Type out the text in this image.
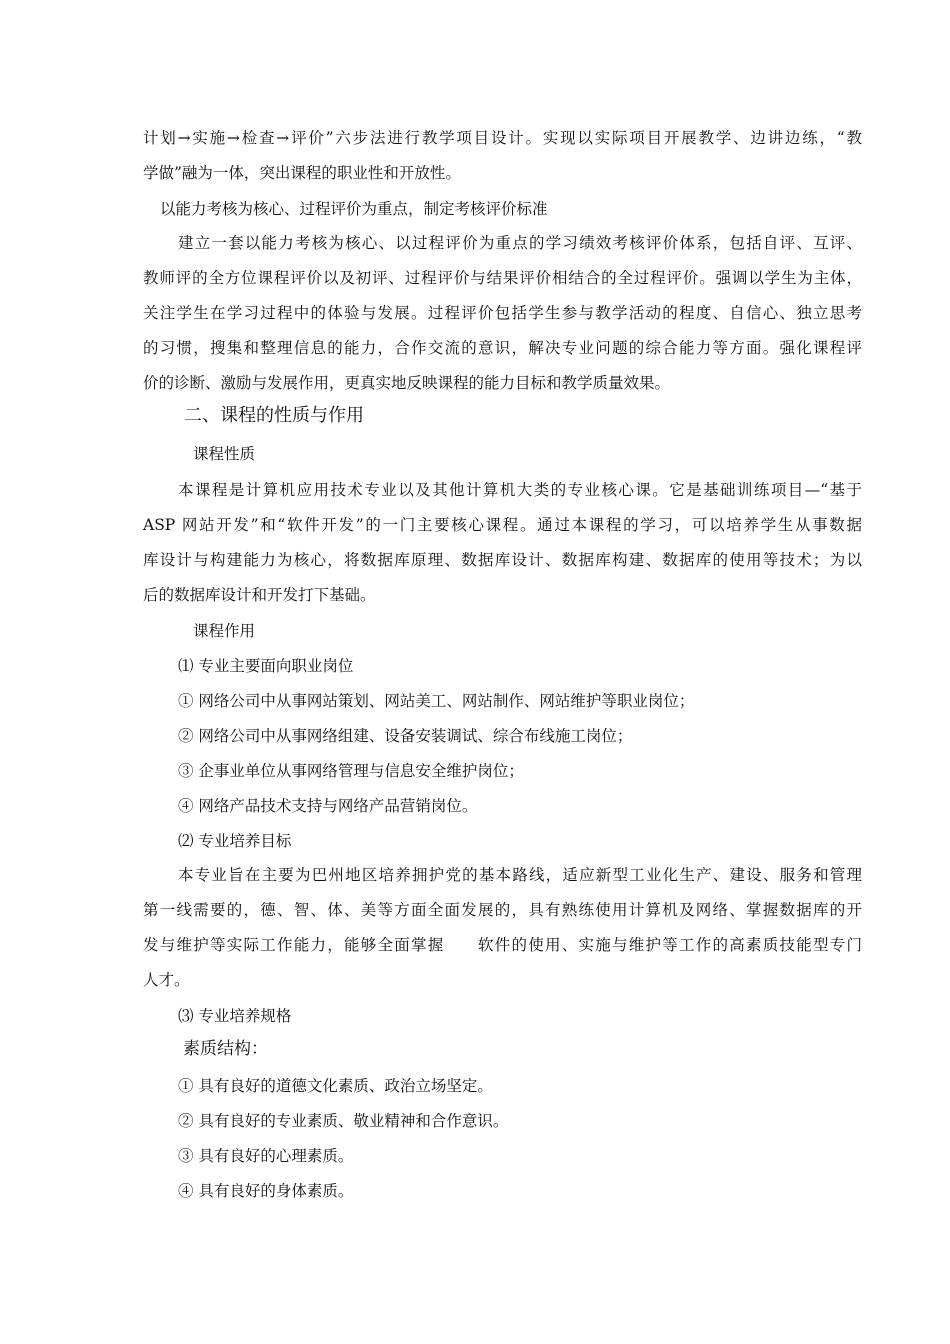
计划→实施→检查→评价”六步法进行教学项目设计。实现以实际项目开展教学、边讲边练，“教
学做”融为一体，突出课程的职业性和开放性。
以能力考核为核心、过程评价为重点，制定考核评价标准
建立一套以能力考核为核心、以过程评价为重点的学习绩效考核评价体系，包括自评、互评、
教师评的全方位课程评价以及初评、过程评价与结果评价相结合的全过程评价。强调以学生为主体，
关注学生在学习过程中的体验与发展。过程评价包括学生参与教学活动的程度、自信心、独立思考
的习惯，搜集和整理信息的能力，合作交流的意识，解决专业问题的综合能力等方面。强化课程评
价的诊断、激励与发展作用，更真实地反映课程的能力目标和教学质量效果。
二、课程的性质与作用
课程性质
本课程是计算机应用技术专业以及其他计算机大类的专业核心课。它是基础训练项目—“基于
ASP 网站开发”和“软件开发”的一门主要核心课程。通过本课程的学习，可以培养学生从事数据
库设计与构建能力为核心，将数据库原理、数据库设计、数据库构建、数据库的使用等技术；为以
后的数据库设计和开发打下基础。
课程作用
⑴ 专业主要面向职业岗位
① 网络公司中从事网站策划、网站美工、网站制作、网站维护等职业岗位；
② 网络公司中从事网络组建、设备安装调试、综合布线施工岗位；
③ 企事业单位从事网络管理与信息安全维护岗位；
④ 网络产品技术支持与网络产品营销岗位。
⑵ 专业培养目标
本专业旨在主要为巴州地区培养拥护党的基本路线，适应新型工业化生产、建设、服务和管理
第一线需要的，德、智、体、美等方面全面发展的，具有熟练使用计算机及网络、掌握数据库的开
发与维护等实际工作能力，能够全面掌握　　软件的使用、实施与维护等工作的高素质技能型专门
人才。
⑶ 专业培养规格
素质结构：
① 具有良好的道德文化素质、政治立场坚定。
② 具有良好的专业素质、敬业精神和合作意识。
③ 具有良好的心理素质。
④ 具有良好的身体素质。
